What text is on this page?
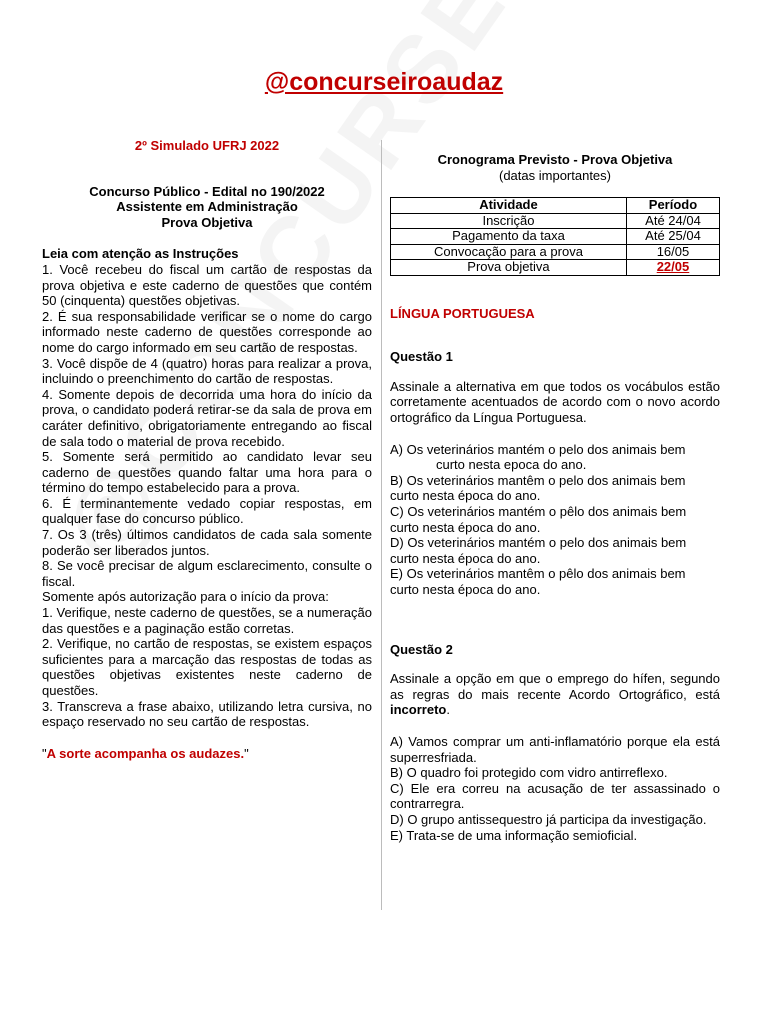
@concurseiroaudaz

2º Simulado UFRJ 2022

Concurso Público - Edital no 190/2022
Assistente em Administração
Prova Objetiva

Leia com atenção as Instruções

1. Você recebeu do fiscal um cartão de respostas da prova objetiva e este caderno de questões que contém 50 (cinquenta) questões objetivas.

2. É sua responsabilidade verificar se o nome do cargo informado neste caderno de questões corresponde ao nome do cargo informado em seu cartão de respostas.

3. Você dispõe de 4 (quatro) horas para realizar a prova, incluindo o preenchimento do cartão de respostas.

4. Somente depois de decorrida uma hora do início da prova, o candidato poderá retirar-se da sala de prova em caráter definitivo, obrigatoriamente entregando ao fiscal de sala todo o material de prova recebido.

5. Somente será permitido ao candidato levar seu caderno de questões quando faltar uma hora para o término do tempo estabelecido para a prova.

6. É terminantemente vedado copiar respostas, em qualquer fase do concurso público.

7. Os 3 (três) últimos candidatos de cada sala somente poderão ser liberados juntos.

8. Se você precisar de algum esclarecimento, consulte o fiscal.

Somente após autorização para o início da prova:

1. Verifique, neste caderno de questões, se a numeração das questões e a paginação estão corretas.

2. Verifique, no cartão de respostas, se existem espaços suficientes para a marcação das respostas de todas as questões objetivas existentes neste caderno de questões.

3. Transcreva a frase abaixo, utilizando letra cursiva, no espaço reservado no seu cartão de respostas.

"A sorte acompanha os audazes."

Cronograma Previsto - Prova Objetiva

(datas importantes)

Atividade	Período
Inscrição	Até 24/04
Pagamento da taxa	Até 25/04
Convocação para a prova	16/05
Prova objetiva	22/05

LÍNGUA PORTUGUESA

Questão 1

Assinale a alternativa em que todos os vocábulos estão corretamente acentuados de acordo com o novo acordo ortográfico da Língua Portuguesa.

A) Os veterinários mantém o pelo dos animais bem
curto nesta epoca do ano.

B) Os veterinários mantêm o pelo dos animais bem
curto nesta época do ano.

C) Os veterinários mantém o pêlo dos animais bem
curto nesta época do ano.

D) Os veterinários mantém o pelo dos animais bem
curto nesta época do ano.

E) Os veterinários mantêm o pêlo dos animais bem
curto nesta época do ano.

Questão 2

Assinale a opção em que o emprego do hífen, segundo as regras do mais recente Acordo Ortográfico, está incorreto.

A) Vamos comprar um anti-inflamatório porque ela está superresfriada.

B) O quadro foi protegido com vidro antirreflexo.

C) Ele era correu na acusação de ter assassinado o contrarregra.

D) O grupo antissequestro já participa da investigação.

E) Trata-se de uma informação semioficial.
